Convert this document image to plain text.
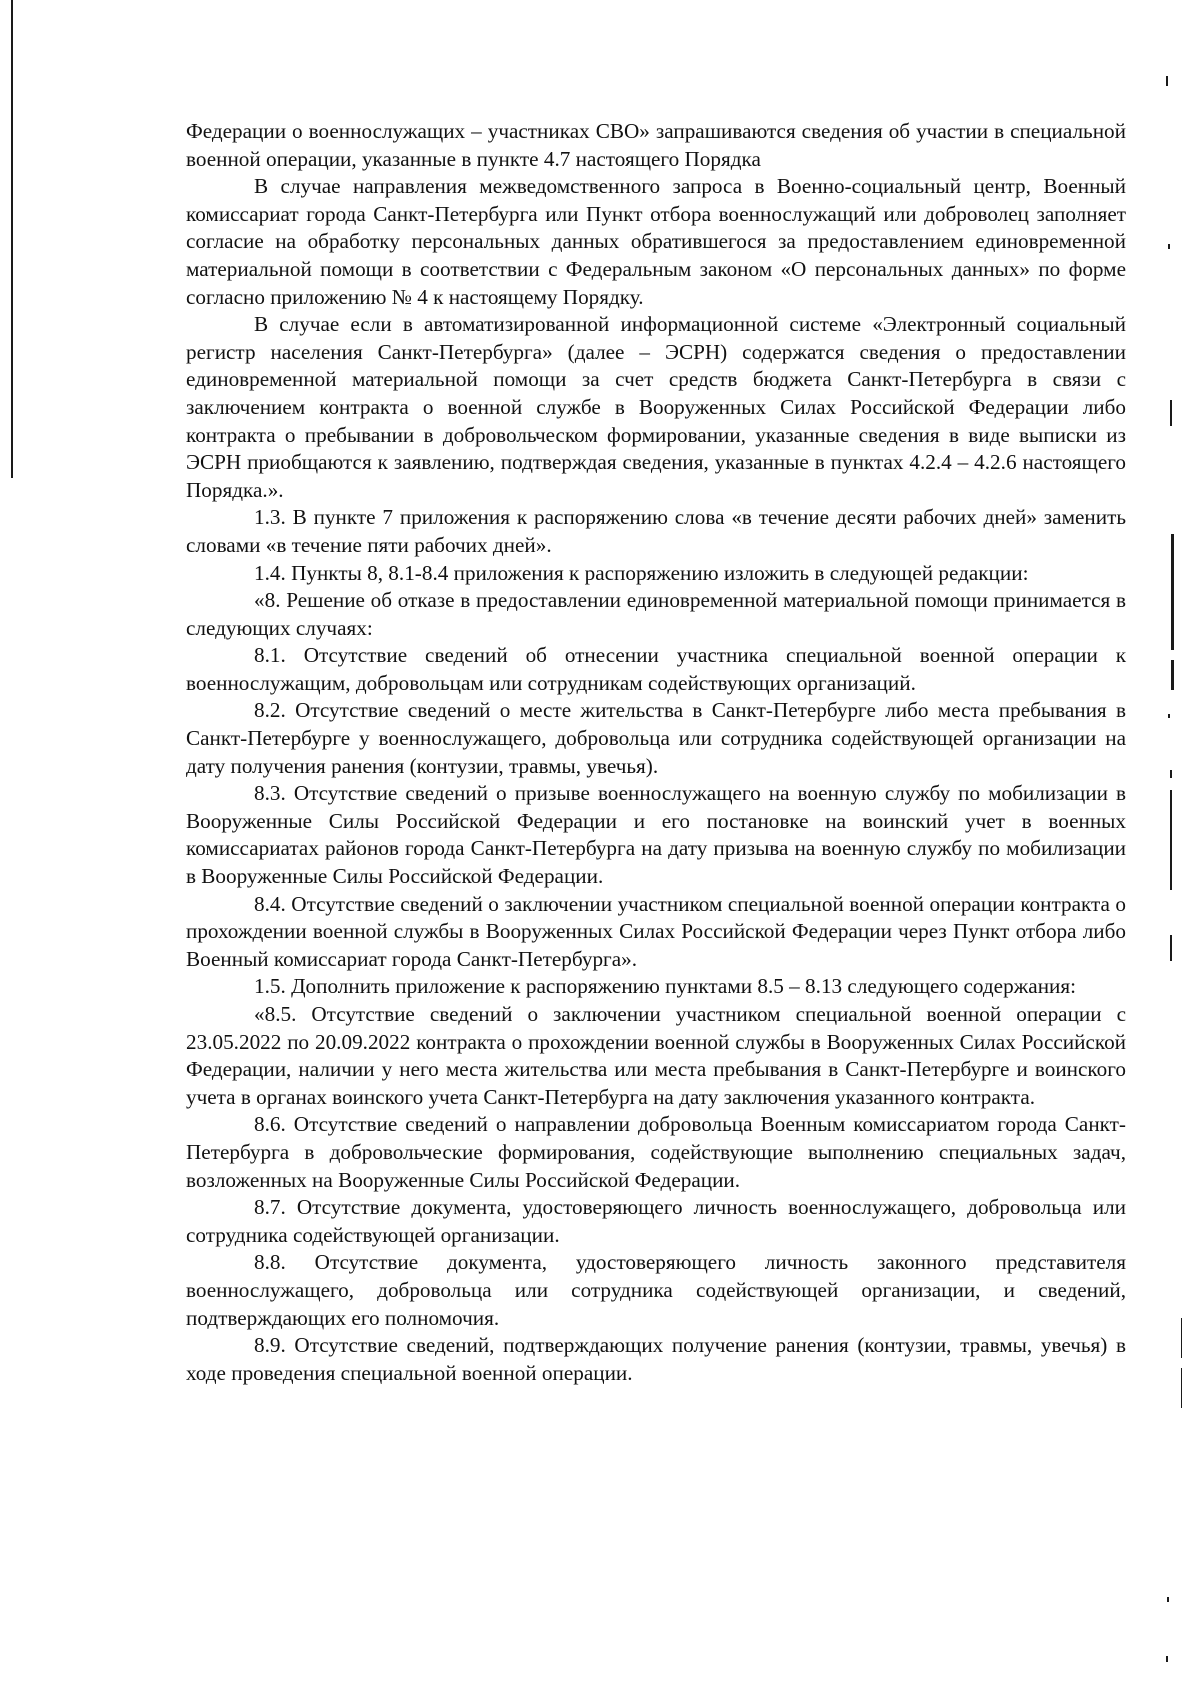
Федерации о военнослужащих – участниках СВО» запрашиваются сведения об участии в специальной военной операции, указанные в пункте 4.7 настоящего Порядка

В случае направления межведомственного запроса в Военно-социальный центр, Военный комиссариат города Санкт-Петербурга или Пункт отбора военнослужащий или доброволец заполняет согласие на обработку персональных данных обратившегося за предоставлением единовременной материальной помощи в соответствии с Федеральным законом «О персональных данных» по форме согласно приложению № 4 к настоящему Порядку.

В случае если в автоматизированной информационной системе «Электронный социальный регистр населения Санкт-Петербурга» (далее – ЭСРН) содержатся сведения о предоставлении единовременной материальной помощи за счет средств бюджета Санкт-Петербурга в связи с заключением контракта о военной службе в Вооруженных Силах Российской Федерации либо контракта о пребывании в добровольческом формировании, указанные сведения в виде выписки из ЭСРН приобщаются к заявлению, подтверждая сведения, указанные в пунктах 4.2.4 – 4.2.6 настоящего Порядка.».

1.3. В пункте 7 приложения к распоряжению слова «в течение десяти рабочих дней» заменить словами «в течение пяти рабочих дней».

1.4. Пункты 8, 8.1-8.4 приложения к распоряжению изложить в следующей редакции:

«8. Решение об отказе в предоставлении единовременной материальной помощи принимается в следующих случаях:

8.1. Отсутствие сведений об отнесении участника специальной военной операции к военнослужащим, добровольцам или сотрудникам содействующих организаций.

8.2. Отсутствие сведений о месте жительства в Санкт-Петербурге либо места пребывания в Санкт-Петербурге у военнослужащего, добровольца или сотрудника содействующей организации на дату получения ранения (контузии, травмы, увечья).

8.3. Отсутствие сведений о призыве военнослужащего на военную службу по мобилизации в Вооруженные Силы Российской Федерации и его постановке на воинский учет в военных комиссариатах районов города Санкт-Петербурга на дату призыва на военную службу по мобилизации в Вооруженные Силы Российской Федерации.

8.4. Отсутствие сведений о заключении участником специальной военной операции контракта о прохождении военной службы в Вооруженных Силах Российской Федерации через Пункт отбора либо Военный комиссариат города Санкт-Петербурга».

1.5. Дополнить приложение к распоряжению пунктами 8.5 – 8.13 следующего содержания:

«8.5. Отсутствие сведений о заключении участником специальной военной операции с 23.05.2022 по 20.09.2022 контракта о прохождении военной службы в Вооруженных Силах Российской Федерации, наличии у него места жительства или места пребывания в Санкт-Петербурге и воинского учета в органах воинского учета Санкт-Петербурга на дату заключения указанного контракта.

8.6. Отсутствие сведений о направлении добровольца Военным комиссариатом города Санкт-Петербурга в добровольческие формирования, содействующие выполнению специальных задач, возложенных на Вооруженные Силы Российской Федерации.

8.7. Отсутствие документа, удостоверяющего личность военнослужащего, добровольца или сотрудника содействующей организации.

8.8. Отсутствие документа, удостоверяющего личность законного представителя военнослужащего, добровольца или сотрудника содействующей организации, и сведений, подтверждающих его полномочия.

8.9. Отсутствие сведений, подтверждающих получение ранения (контузии, травмы, увечья) в ходе проведения специальной военной операции.
